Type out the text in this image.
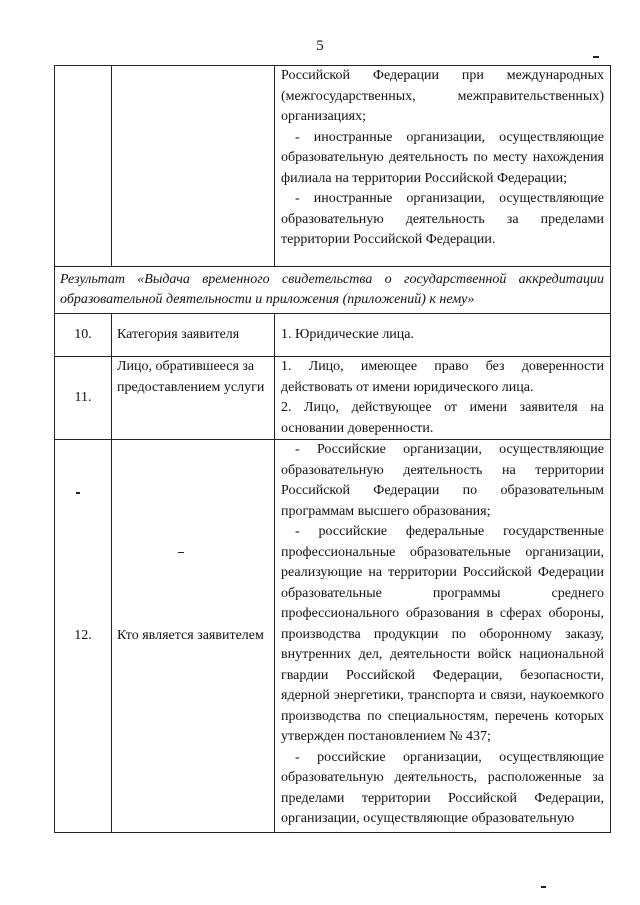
5

		Российской Федерации при международных (межгосударственных, межправительственных) организациях;
- иностранные организации, осуществляющие образовательную деятельность по месту нахождения филиала на территории Российской Федерации;
- иностранные организации, осуществляющие образовательную деятельность за пределами территории Российской Федерации.

Результат «Выдача временного свидетельства о государственной аккредитации образовательной деятельности и приложения (приложений) к нему»		

10.	Категория заявителя	1. Юридические лица.

11.	Лицо, обратившееся за предоставлением услуги	1. Лицо, имеющее право без доверенности действовать от имени юридического лица.
2. Лицо, действующее от имени заявителя на основании доверенности.

12.	Кто является заявителем	- Российские организации, осуществляющие образовательную деятельность на территории Российской Федерации по образовательным программам высшего образования;
- российские федеральные государственные профессиональные образовательные организации, реализующие на территории Российской Федерации образовательные программы среднего профессионального образования в сферах обороны, производства продукции по оборонному заказу, внутренних дел, деятельности войск национальной гвардии Российской Федерации, безопасности, ядерной энергетики, транспорта и связи, наукоемкого производства по специальностям, перечень которых утвержден постановлением № 437;
- российские организации, осуществляющие образовательную деятельность, расположенные за пределами территории Российской Федерации, организации, осуществляющие образовательную
